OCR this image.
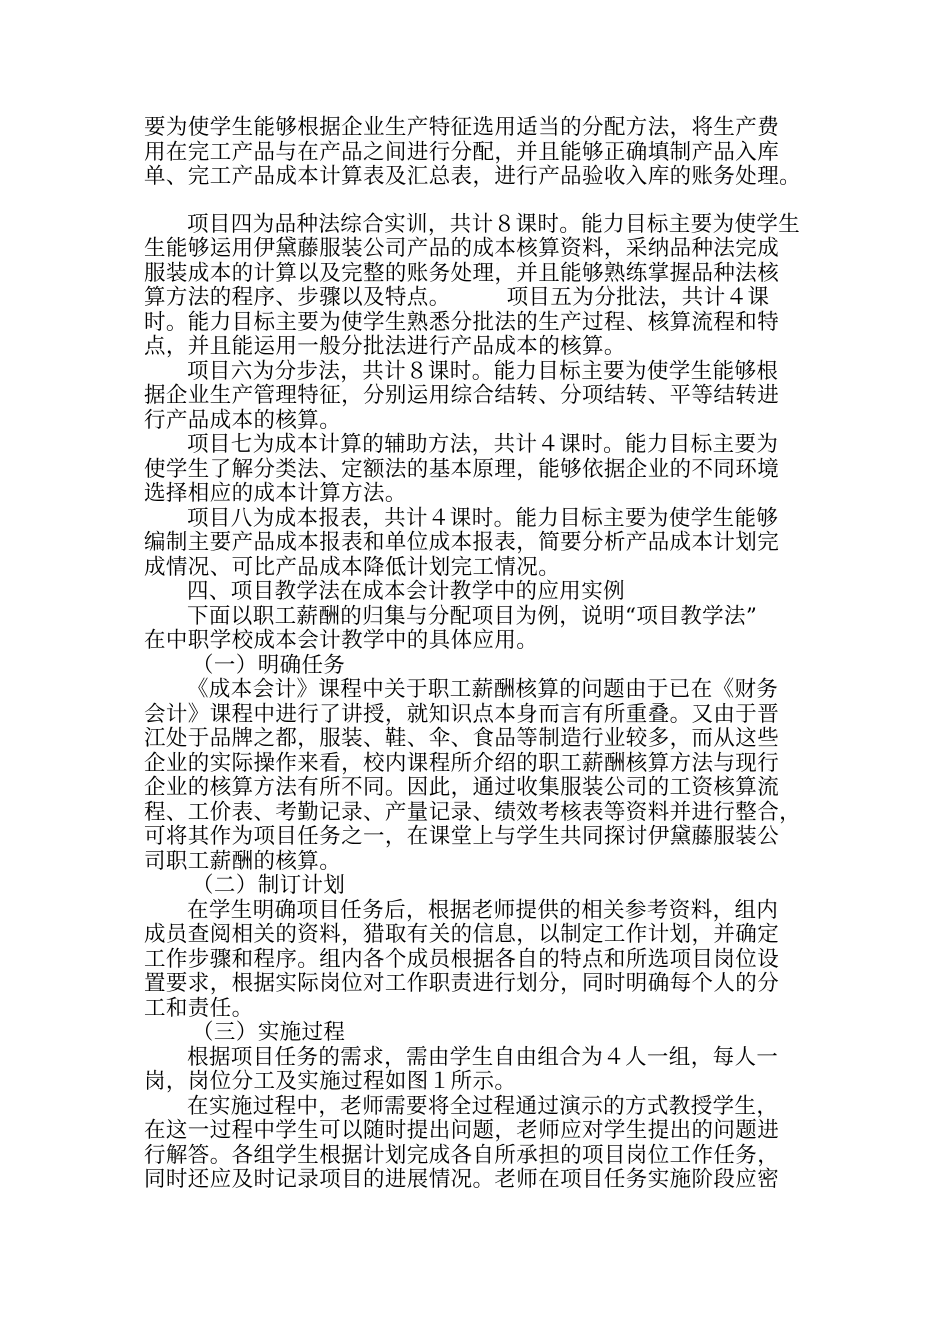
要为使学生能够根据企业生产特征选用适当的分配方法，将生产费
用在完工产品与在产品之间进行分配，并且能够正确填制产品入库
单、完工产品成本计算表及汇总表，进行产品验收入库的账务处理。
项目四为品种法综合实训，共计８课时。能力目标主要为使学生
生能够运用伊黛藤服装公司产品的成本核算资料，采纳品种法完成
服装成本的计算以及完整的账务处理，并且能够熟练掌握品种法核
算方法的程序、步骤以及特点。	项目五为分批法，共计４课
时。能力目标主要为使学生熟悉分批法的生产过程、核算流程和特
点，并且能运用一般分批法进行产品成本的核算。
项目六为分步法，共计８课时。能力目标主要为使学生能够根
据企业生产管理特征，分别运用综合结转、分项结转、平等结转进
行产品成本的核算。
项目七为成本计算的辅助方法，共计４课时。能力目标主要为
使学生了解分类法、定额法的基本原理，能够依据企业的不同环境
选择相应的成本计算方法。
项目八为成本报表，共计４课时。能力目标主要为使学生能够
编制主要产品成本报表和单位成本报表，简要分析产品成本计划完
成情况、可比产品成本降低计划完工情况。
四、项目教学法在成本会计教学中的应用实例
下面以职工薪酬的归集与分配项目为例，说明“项目教学法”
在中职学校成本会计教学中的具体应用。
（一）明确任务
《成本会计》课程中关于职工薪酬核算的问题由于已在《财务
会计》课程中进行了讲授，就知识点本身而言有所重叠。又由于晋
江处于品牌之都，服装、鞋、伞、食品等制造行业较多，而从这些
企业的实际操作来看，校内课程所介绍的职工薪酬核算方法与现行
企业的核算方法有所不同。因此，通过收集服装公司的工资核算流
程、工价表、考勤记录、产量记录、绩效考核表等资料并进行整合，
可将其作为项目任务之一，在课堂上与学生共同探讨伊黛藤服装公
司职工薪酬的核算。
（二）制订计划
在学生明确项目任务后，根据老师提供的相关参考资料，组内
成员查阅相关的资料，猎取有关的信息，以制定工作计划，并确定
工作步骤和程序。组内各个成员根据各自的特点和所选项目岗位设
置要求，根据实际岗位对工作职责进行划分，同时明确每个人的分
工和责任。
（三）实施过程
根据项目任务的需求，需由学生自由组合为４人一组，每人一
岗，岗位分工及实施过程如图１所示。
在实施过程中，老师需要将全过程通过演示的方式教授学生，
在这一过程中学生可以随时提出问题，老师应对学生提出的问题进
行解答。各组学生根据计划完成各自所承担的项目岗位工作任务，
同时还应及时记录项目的进展情况。老师在项目任务实施阶段应密
